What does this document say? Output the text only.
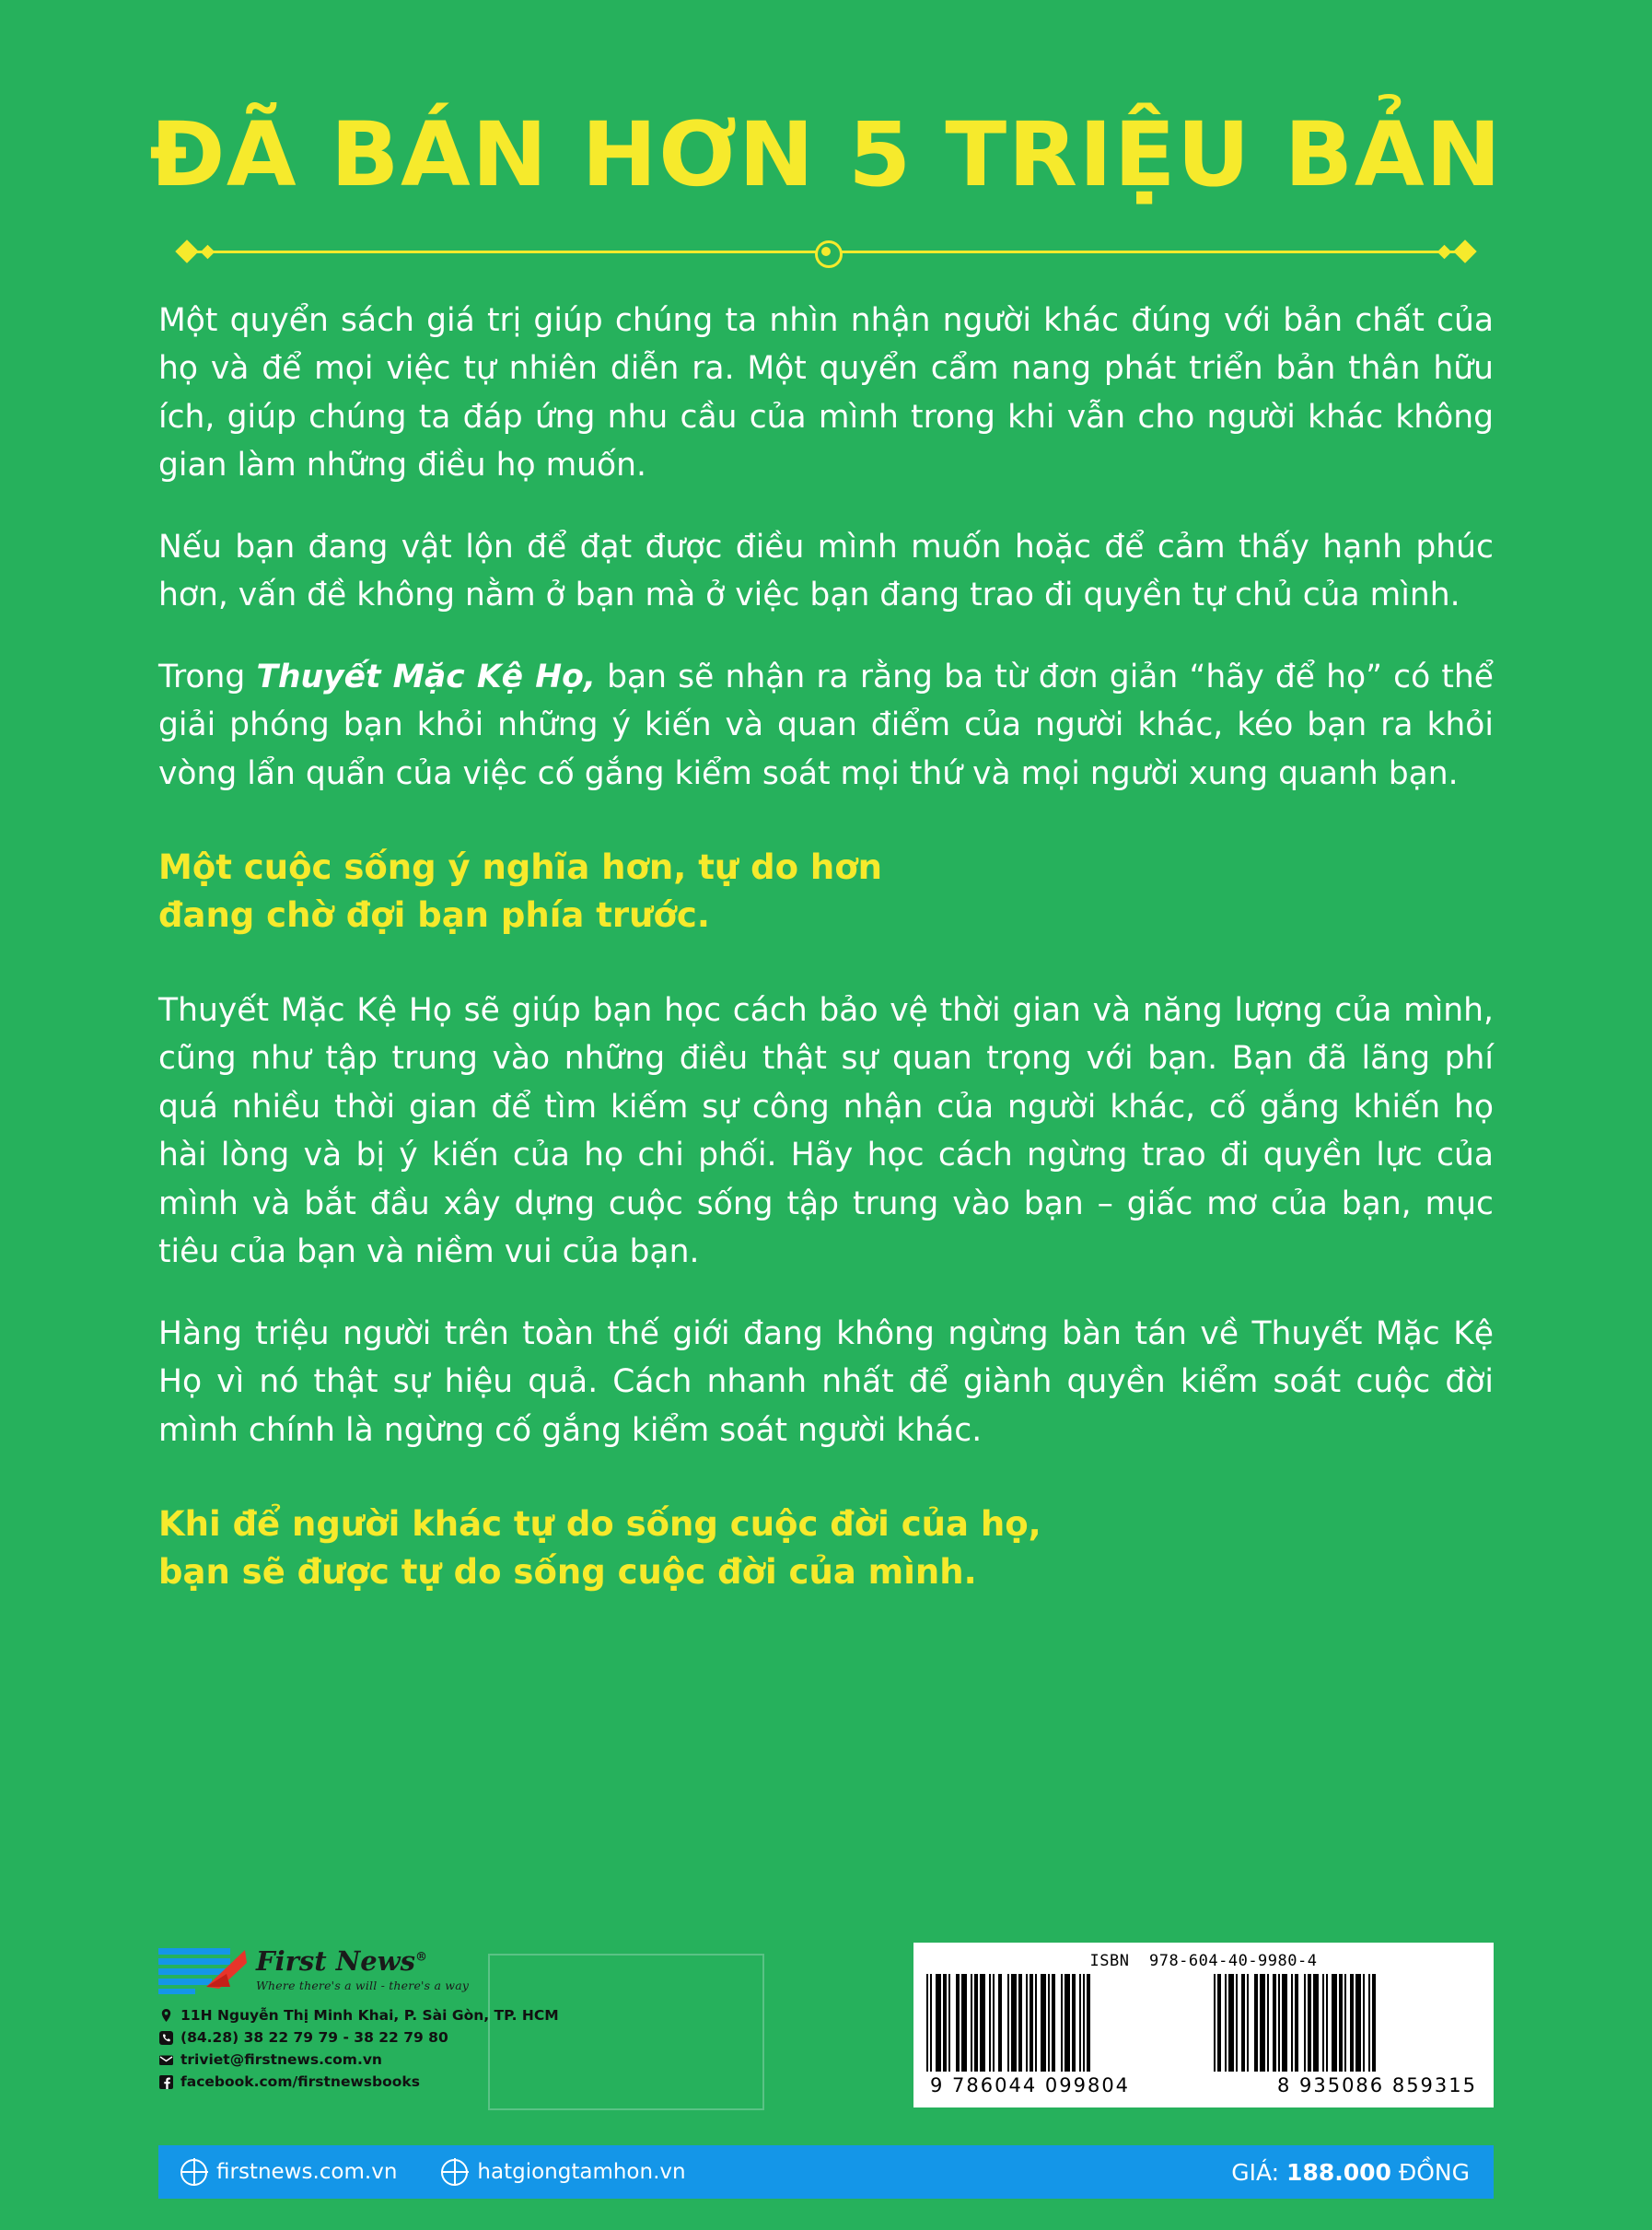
ĐÃ BÁN HƠN 5 TRIỆU BẢN

Một quyển sách giá trị giúp chúng ta nhìn nhận người khác đúng với bản chất của họ và để mọi việc tự nhiên diễn ra. Một quyển cẩm nang phát triển bản thân hữu ích, giúp chúng ta đáp ứng nhu cầu của mình trong khi vẫn cho người khác không gian làm những điều họ muốn.

Nếu bạn đang vật lộn để đạt được điều mình muốn hoặc để cảm thấy hạnh phúc hơn, vấn đề không nằm ở bạn mà ở việc bạn đang trao đi quyền tự chủ của mình.

Trong Thuyết Mặc Kệ Họ, bạn sẽ nhận ra rằng ba từ đơn giản “hãy để họ” có thể giải phóng bạn khỏi những ý kiến và quan điểm của người khác, kéo bạn ra khỏi vòng lẩn quẩn của việc cố gắng kiểm soát mọi thứ và mọi người xung quanh bạn.

Một cuộc sống ý nghĩa hơn, tự do hơn
đang chờ đợi bạn phía trước.

Thuyết Mặc Kệ Họ sẽ giúp bạn học cách bảo vệ thời gian và năng lượng của mình, cũng như tập trung vào những điều thật sự quan trọng với bạn. Bạn đã lãng phí quá nhiều thời gian để tìm kiếm sự công nhận của người khác, cố gắng khiến họ hài lòng và bị ý kiến của họ chi phối. Hãy học cách ngừng trao đi quyền lực của mình và bắt đầu xây dựng cuộc sống tập trung vào bạn – giấc mơ của bạn, mục tiêu của bạn và niềm vui của bạn.

Hàng triệu người trên toàn thế giới đang không ngừng bàn tán về Thuyết Mặc Kệ Họ vì nó thật sự hiệu quả. Cách nhanh nhất để giành quyền kiểm soát cuộc đời mình chính là ngừng cố gắng kiểm soát người khác.

Khi để người khác tự do sống cuộc đời của họ,
bạn sẽ được tự do sống cuộc đời của mình.
First News®
Where there's a will - there's a way
11H Nguyễn Thị Minh Khai, P. Sài Gòn, TP. HCM
(84.28) 38 22 79 79 - 38 22 79 80
triviet@firstnews.com.vn
facebook.com/firstnewsbooks
ISBN 978-604-40-9980-4
9 786044 099804	8 935086 859315
firstnews.com.vn	hatgiongtamhon.vn	GIÁ: 188.000 ĐỒNG
